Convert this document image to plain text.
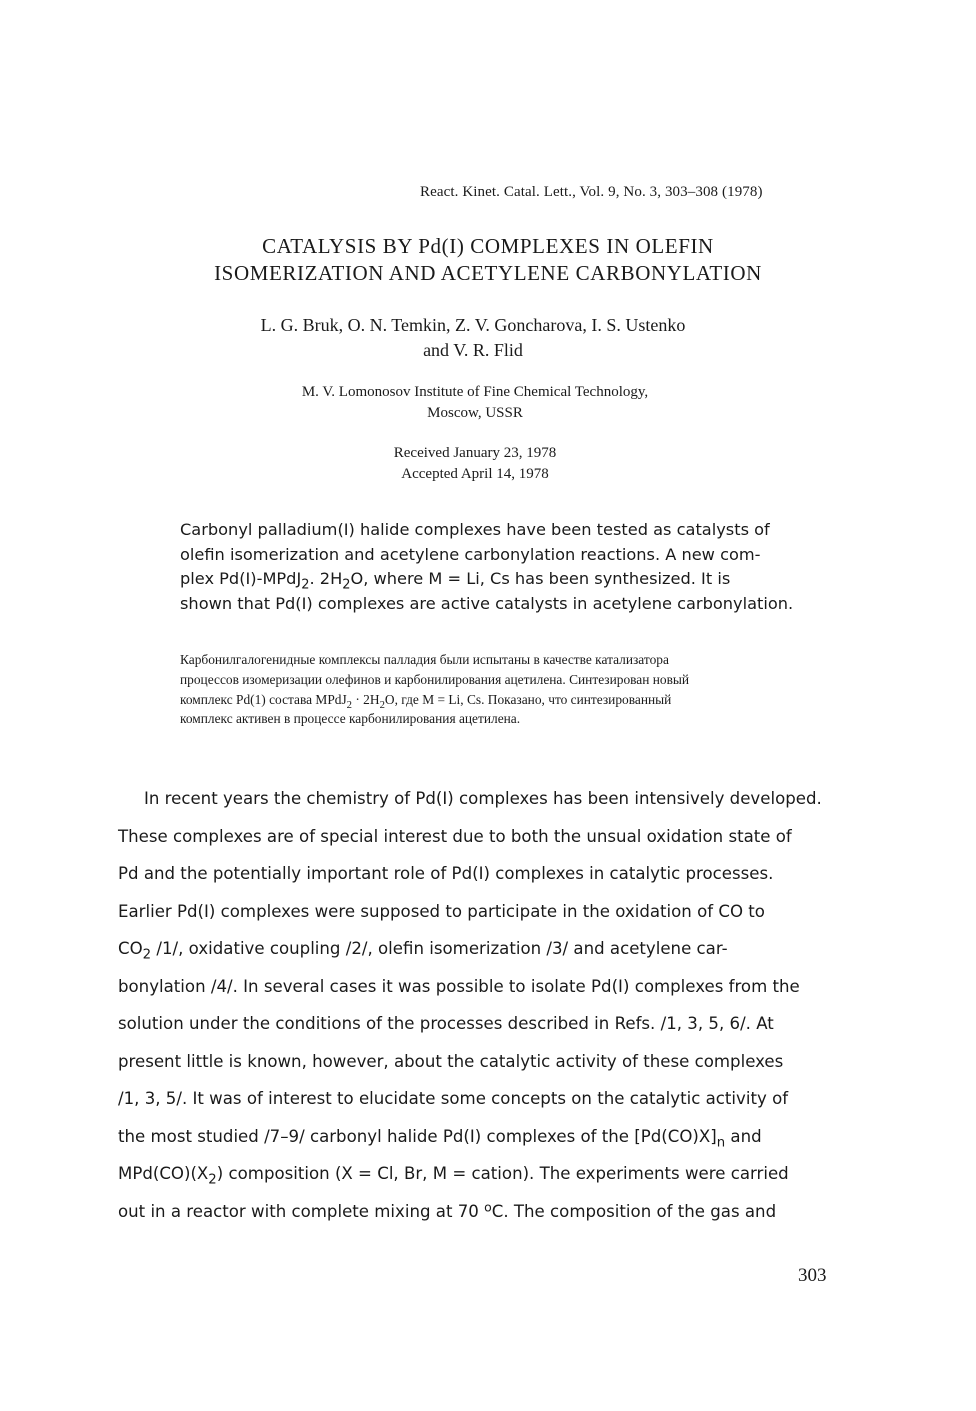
React. Kinet. Catal. Lett., Vol. 9, No. 3, 303–308 (1978)
CATALYSIS BY Pd(I) COMPLEXES IN OLEFIN
ISOMERIZATION AND ACETYLENE CARBONYLATION
L. G. Bruk, O. N. Temkin, Z. V. Goncharova, I. S. Ustenko
and V. R. Flid
M. V. Lomonosov Institute of Fine Chemical Technology,
Moscow, USSR
Received January 23, 1978
Accepted April 14, 1978
Carbonyl palladium(I) halide complexes have been tested as catalysts of
olefin isomerization and acetylene carbonylation reactions. A new com-
plex Pd(I)-MPdJ$_2$. $2H_2O$, where M = Li, Cs has been synthesized. It is
shown that Pd(I) complexes are active catalysts in acetylene carbonylation.
Карбонилгалогенидные комплексы палладия были испытаны в качестве катализатора
процессов изомеризации олефинов и карбонилирования ацетилена. Синтезирован новый
комплекс Pd(1) состава MPdJ$_2$ · $2H_2O$, где M = Li, Cs. Показано, что синтезированный
комплекс активен в процессе карбонилирования ацетилена.
In recent years the chemistry of Pd(I) complexes has been intensively developed.
These complexes are of special interest due to both the unsual oxidation state of
Pd and the potentially important role of Pd(I) complexes in catalytic processes.
Earlier Pd(I) complexes were supposed to participate in the oxidation of CO to
$CO_2$ /1/, oxidative coupling /2/, olefin isomerization /3/ and acetylene car-
bonylation /4/. In several cases it was possible to isolate Pd(I) complexes from the
solution under the conditions of the processes described in Refs. /1, 3, 5, 6/. At
present little is known, however, about the catalytic activity of these complexes
/1, 3, 5/. It was of interest to elucidate some concepts on the catalytic activity of
the most studied /7–9/ carbonyl halide Pd(I) complexes of the $[Pd(CO)X]_n$ and
$MPd(CO)(X_2)$ composition (X = Cl, Br, M = cation). The experiments were carried
out in a reactor with complete mixing at 70 $^o$C. The composition of the gas and
303
